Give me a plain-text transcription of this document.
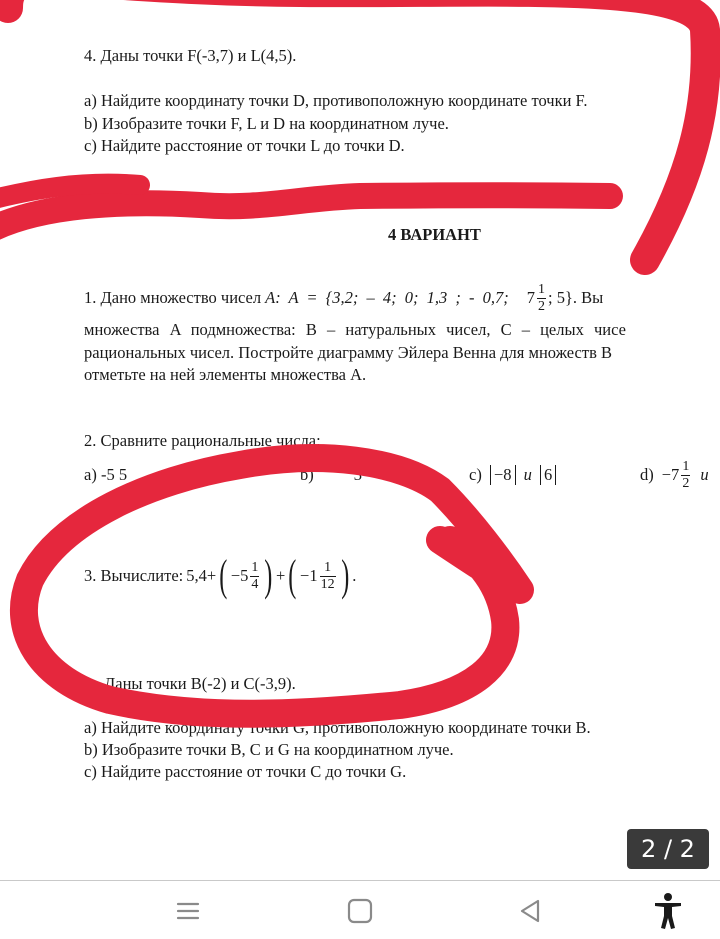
4. Даны точки F(-3,7) и L(4,5).
a) Найдите координату точки D, противоположную координате точки F.
b) Изобразите точки F, L и D на координатном луче.
c) Найдите расстояние от точки L до точки D.
4 ВАРИАНТ
1. Дано множество чисел A: A = {3,2; – 4; 0; 1,3 ; - 0,7; $7 \frac{1}{2}$ ; 5}. Вы
множества A подмножества: B – натуральных чисел, C – целых чисе
рациональных чисел. Постройте диаграмму Эйлера Венна для множеств B
отметьте на ней элементы множества A.
2. Сравните рациональные числа:
a) -5 5	b) 3	c) −8 и 6	$d) -7 \frac{1}{2}$ и
3. Вычислите: 5,4+ ( $-5 \frac{1}{4}$ ) + ( $-1 \frac{1}{12}$ ) .
Даны точки B(-2) и C(-3,9).
a) Найдите координату точки G, противоположную координате точки B.
b) Изобразите точки B, C и G на координатном луче.
c) Найдите расстояние от точки C до точки G.
2 / 2
